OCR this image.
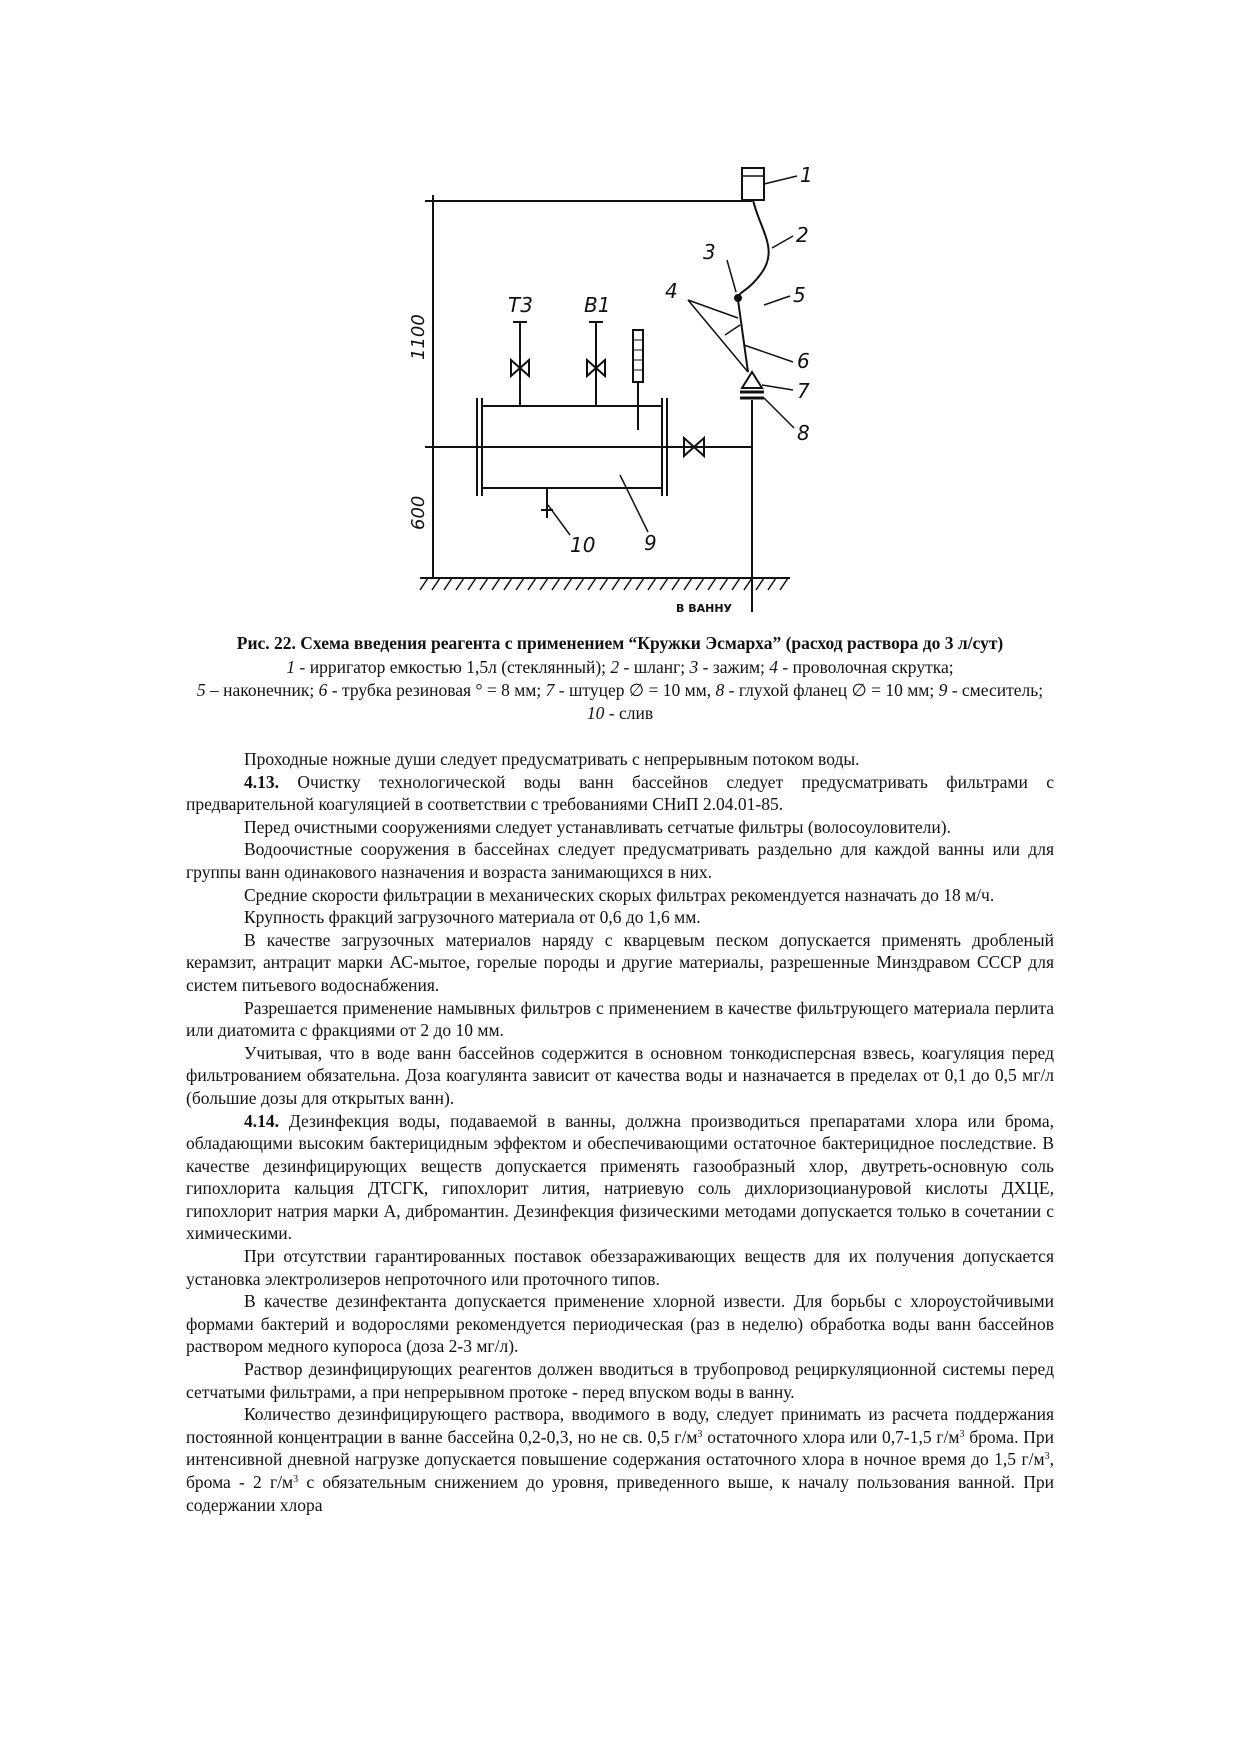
1
2
3
4	5
6
7
8
9
10
Т3	В1
1100
600
В ВАННУ

Рис. 22. Схема введения реагента с применением “Кружки Эсмарха” (расход раствора до 3 л/сут)

1 - ирригатор емкостью 1,5л (стеклянный); 2 - шланг; 3 - зажим; 4 - проволочная скрутка;
5 – наконечник; 6 - трубка резиновая ° = 8 мм; 7 - штуцер ∅ = 10 мм, 8 - глухой фланец ∅ = 10 мм; 9 - смеситель; 10 - слив

Проходные ножные души следует предусматривать с непрерывным потоком воды.

4.13. Очистку технологической воды ванн бассейнов следует предусматривать фильтрами с предварительной коагуляцией в соответствии с требованиями СНиП 2.04.01-85.

Перед очистными сооружениями следует устанавливать сетчатые фильтры (волосоуловители).

Водоочистные сооружения в бассейнах следует предусматривать раздельно для каждой ванны или для группы ванн одинакового назначения и возраста занимающихся в них.

Средние скорости фильтрации в механических скорых фильтрах рекомендуется назначать до 18 м/ч.

Крупность фракций загрузочного материала от 0,6 до 1,6 мм.

В качестве загрузочных материалов наряду с кварцевым песком допускается применять дробленый керамзит, антрацит марки АС-мытое, горелые породы и другие материалы, разрешенные Минздравом СССР для систем питьевого водоснабжения.

Разрешается применение намывных фильтров с применением в качестве фильтрующего материала перлита или диатомита с фракциями от 2 до 10 мм.

Учитывая, что в воде ванн бассейнов содержится в основном тонкодисперсная взвесь, коагуляция перед фильтрованием обязательна. Доза коагулянта зависит от качества воды и назначается в пределах от 0,1 до 0,5 мг/л (большие дозы для открытых ванн).

4.14. Дезинфекция воды, подаваемой в ванны, должна производиться препаратами хлора или брома, обладающими высоким бактерицидным эффектом и обеспечивающими остаточное бактерицидное последствие. В качестве дезинфицирующих веществ допускается применять газообразный хлор, двутреть-основную соль гипохлорита кальция ДТСГК, гипохлорит лития, натриевую соль дихлоризоциануровой кислоты ДХЦЕ, гипохлорит натрия марки А, дибромантин. Дезинфекция физическими методами допускается только в сочетании с химическими.

При отсутствии гарантированных поставок обеззараживающих веществ для их получения допускается установка электролизеров непроточного или проточного типов.

В качестве дезинфектанта допускается применение хлорной извести. Для борьбы с хлороустойчивыми формами бактерий и водорослями рекомендуется периодическая (раз в неделю) обработка воды ванн бассейнов раствором медного купороса (доза 2-3 мг/л).

Раствор дезинфицирующих реагентов должен вводиться в трубопровод рециркуляционной системы перед сетчатыми фильтрами, а при непрерывном протоке - перед впуском воды в ванну.

Количество дезинфицирующего раствора, вводимого в воду, следует принимать из расчета поддержания постоянной концентрации в ванне бассейна 0,2-0,3, но не св. 0,5 $г/м^3$ остаточного хлора или 0,7-1,5 $г/м^3$ брома. При интенсивной дневной нагрузке допускается повышение содержания остаточного хлора в ночное время до 1,5 $г/м^3$, брома - 2 $г/м^3$ с обязательным снижением до уровня, приведенного выше, к началу пользования ванной. При содержании хлора
